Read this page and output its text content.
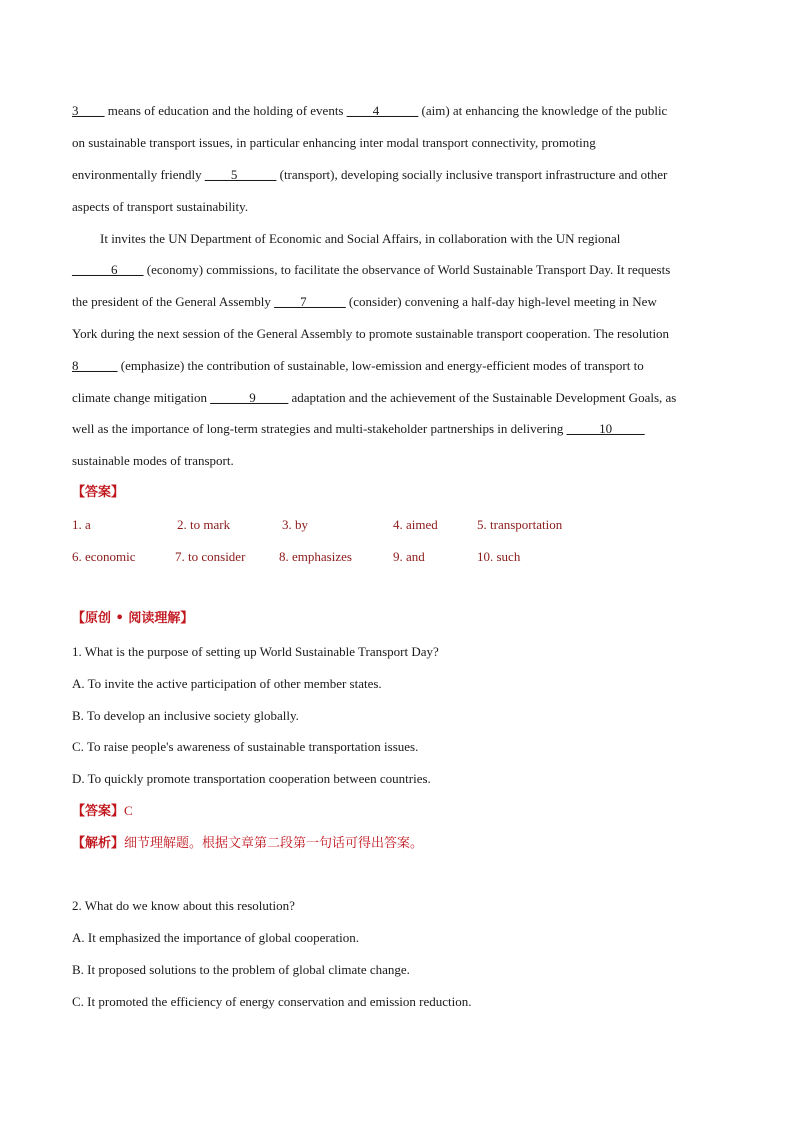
3____ means of education and the holding of events ____4______ (aim) at enhancing the knowledge of the public
on sustainable transport issues, in particular enhancing inter modal transport connectivity, promoting
environmentally friendly ____5______ (transport), developing socially inclusive transport infrastructure and other
aspects of transport sustainability.
It invites the UN Department of Economic and Social Affairs, in collaboration with the UN regional
______6____ (economy) commissions, to facilitate the observance of World Sustainable Transport Day. It requests
the president of the General Assembly ____7______ (consider) convening a half-day high-level meeting in New
York during the next session of the General Assembly to promote sustainable transport cooperation. The resolution
8______ (emphasize) the contribution of sustainable, low-emission and energy-efficient modes of transport to
climate change mitigation ______9_____ adaptation and the achievement of the Sustainable Development Goals, as
well as the importance of long-term strategies and multi-stakeholder partnerships in delivering _____10_____
sustainable modes of transport.
【答案】
1. a	2. to mark	3. by	4. aimed	5. transportation
6. economic	7. to consider	8. emphasizes	9. and	10. such
【原创 • 阅读理解】
1. What is the purpose of setting up World Sustainable Transport Day?
A. To invite the active participation of other member states.
B. To develop an inclusive society globally.
C. To raise people's awareness of sustainable transportation issues.
D. To quickly promote transportation cooperation between countries.
【答案】C
【解析】细节理解题。根据文章第二段第一句话可得出答案。
2. What do we know about this resolution?
A. It emphasized the importance of global cooperation.
B. It proposed solutions to the problem of global climate change.
C. It promoted the efficiency of energy conservation and emission reduction.
